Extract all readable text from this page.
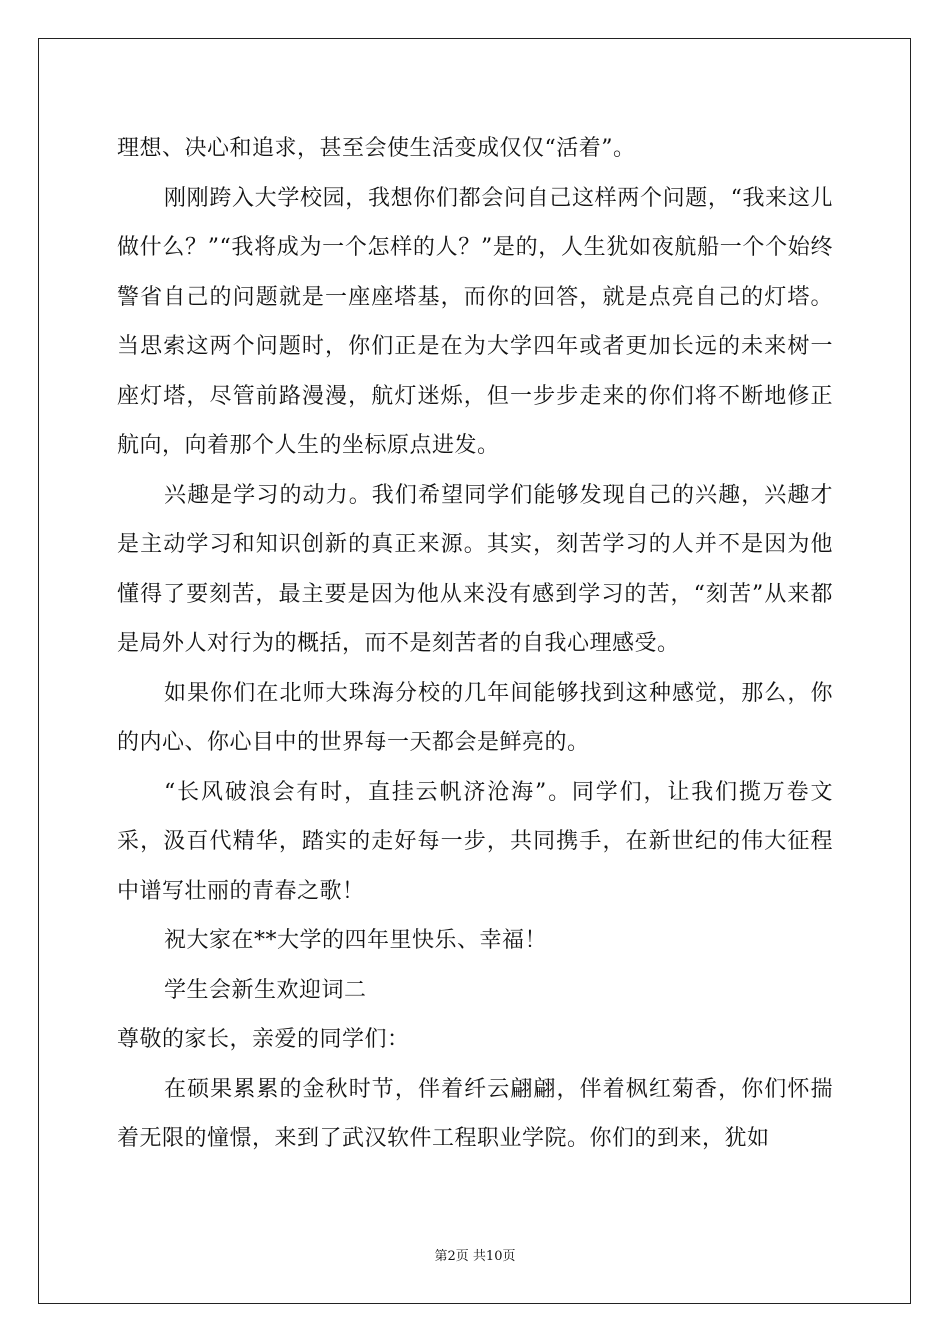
理想、决心和追求，甚至会使生活变成仅仅“活着”。

刚刚跨入大学校园，我想你们都会问自己这样两个问题，“我来这儿做什么？”“我将成为一个怎样的人？”是的，人生犹如夜航船一个个始终警省自己的问题就是一座座塔基，而你的回答，就是点亮自己的灯塔。当思索这两个问题时，你们正是在为大学四年或者更加长远的未来树一座灯塔，尽管前路漫漫，航灯迷烁，但一步步走来的你们将不断地修正航向，向着那个人生的坐标原点进发。

兴趣是学习的动力。我们希望同学们能够发现自己的兴趣，兴趣才是主动学习和知识创新的真正来源。其实，刻苦学习的人并不是因为他懂得了要刻苦，最主要是因为他从来没有感到学习的苦，“刻苦”从来都是局外人对行为的概括，而不是刻苦者的自我心理感受。

如果你们在北师大珠海分校的几年间能够找到这种感觉，那么，你的内心、你心目中的世界每一天都会是鲜亮的。

“长风破浪会有时，直挂云帆济沧海”。同学们，让我们揽万卷文采，汲百代精华，踏实的走好每一步，共同携手，在新世纪的伟大征程中谱写壮丽的青春之歌！

祝大家在**大学的四年里快乐、幸福！

学生会新生欢迎词二

尊敬的家长，亲爱的同学们：

在硕果累累的金秋时节，伴着纤云翩翩，伴着枫红菊香，你们怀揣着无限的憧憬，来到了武汉软件工程职业学院。你们的到来，犹如

第2页 共10页
